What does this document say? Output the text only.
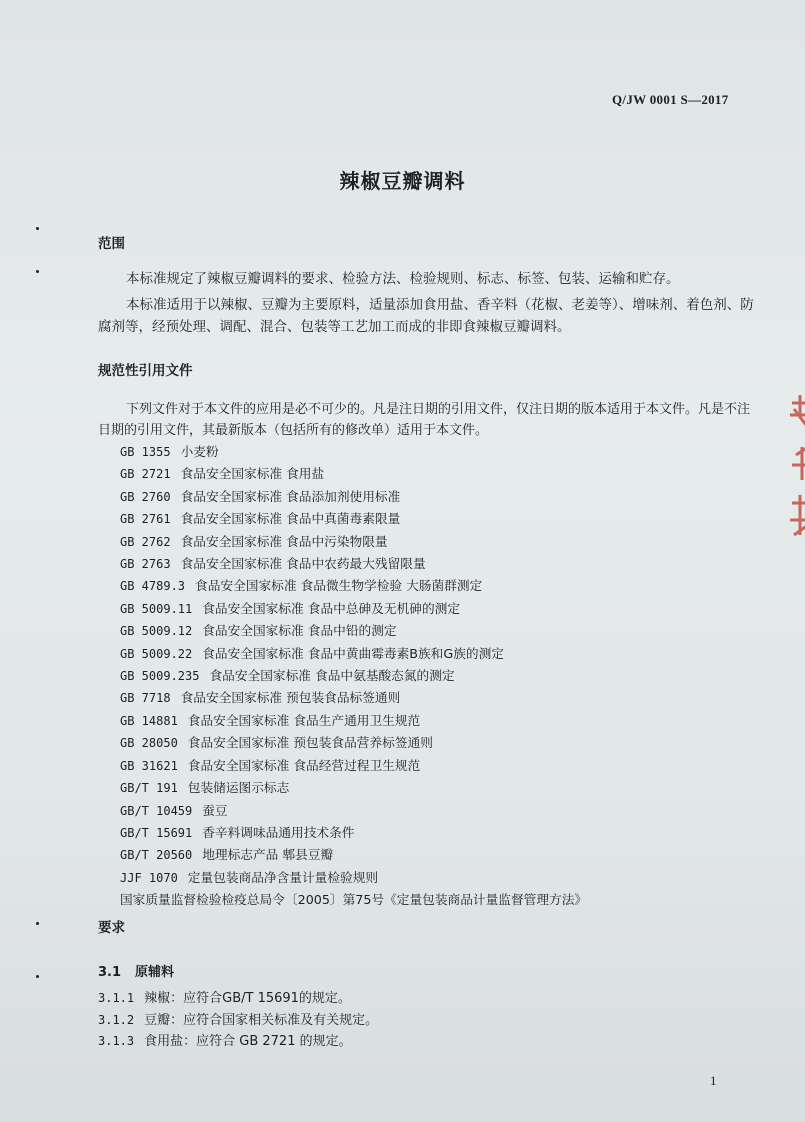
Q/JW 0001 S—2017
辣椒豆瓣调料
范围
本标准规定了辣椒豆瓣调料的要求、检验方法、检验规则、标志、标签、包装、运输和贮存。
本标准适用于以辣椒、豆瓣为主要原料，适量添加食用盐、香辛料（花椒、老姜等）、增味剂、着色剂、防腐剂等，经预处理、调配、混合、包装等工艺加工而成的非即食辣椒豆瓣调料。
规范性引用文件
下列文件对于本文件的应用是必不可少的。凡是注日期的引用文件，仅注日期的版本适用于本文件。凡是不注日期的引用文件，其最新版本（包括所有的修改单）适用于本文件。
GB 1355 小麦粉
GB 2721 食品安全国家标准 食用盐
GB 2760 食品安全国家标准 食品添加剂使用标准
GB 2761 食品安全国家标准 食品中真菌毒素限量
GB 2762 食品安全国家标准 食品中污染物限量
GB 2763 食品安全国家标准 食品中农药最大残留限量
GB 4789.3 食品安全国家标准 食品微生物学检验 大肠菌群测定
GB 5009.11 食品安全国家标准 食品中总砷及无机砷的测定
GB 5009.12 食品安全国家标准 食品中铅的测定
GB 5009.22 食品安全国家标准 食品中黄曲霉毒素B族和G族的测定
GB 5009.235 食品安全国家标准 食品中氨基酸态氮的测定
GB 7718 食品安全国家标准 预包装食品标签通则
GB 14881 食品安全国家标准 食品生产通用卫生规范
GB 28050 食品安全国家标准 预包装食品营养标签通则
GB 31621 食品安全国家标准 食品经营过程卫生规范
GB/T 191 包装储运图示标志
GB/T 10459 蚕豆
GB/T 15691 香辛料调味品通用技术条件
GB/T 20560 地理标志产品 郫县豆瓣
JJF 1070 定量包装商品净含量计量检验规则
国家质量监督检验检疫总局令〔2005〕第75号《定量包装商品计量监督管理方法》
要求
3.1 原辅料
3.1.1 辣椒：应符合GB/T 15691的规定。
3.1.2 豆瓣：应符合国家相关标准及有关规定。
3.1.3 食用盐：应符合 GB 2721 的规定。
1
